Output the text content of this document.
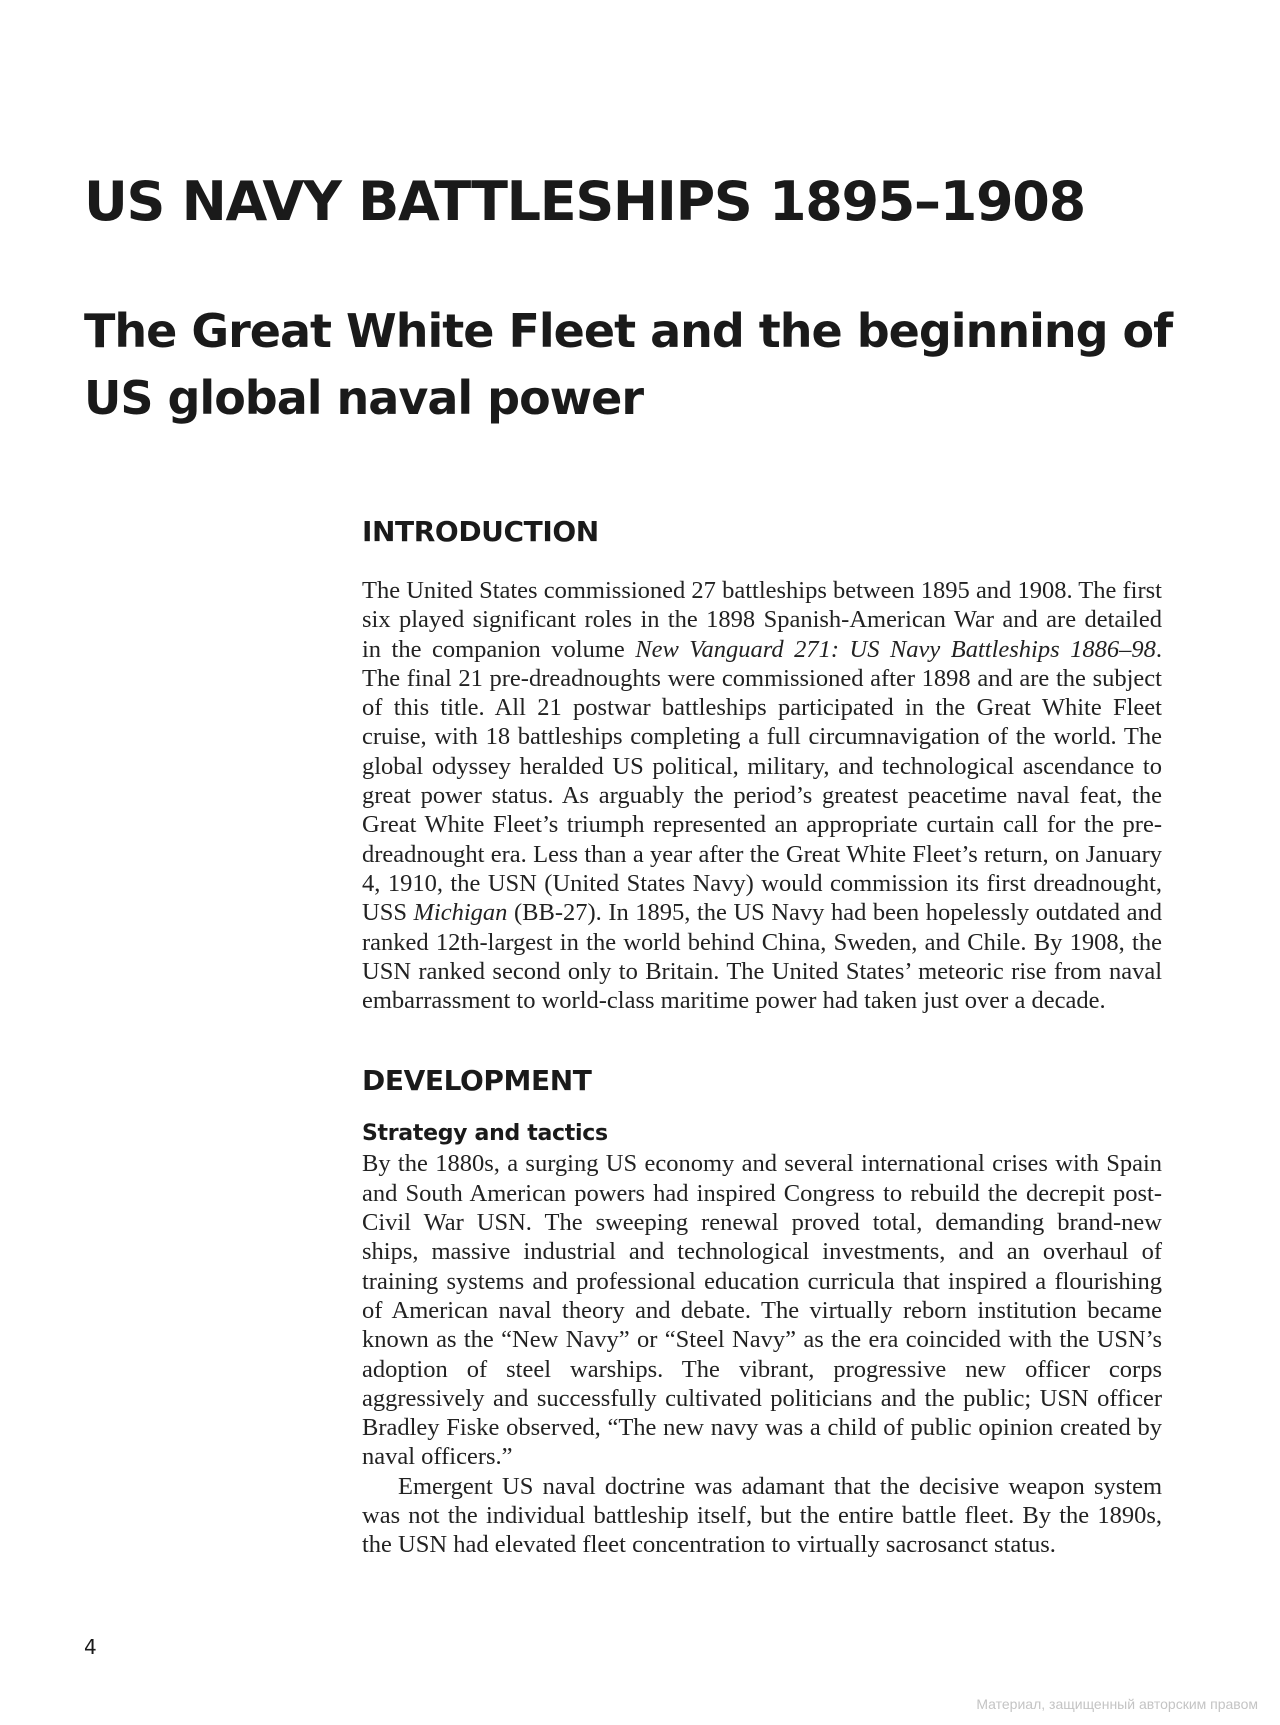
US NAVY BATTLESHIPS 1895–1908
The Great White Fleet and the beginning of
US global naval power
INTRODUCTION

The United States commissioned 27 battleships between 1895 and 1908. The first six played significant roles in the 1898 Spanish-American War and are detailed in the companion volume New Vanguard 271: US Navy Battleships 1886–98. The final 21 pre-dreadnoughts were commissioned after 1898 and are the subject of this title. All 21 postwar battleships participated in the Great White Fleet cruise, with 18 battleships completing a full circumnavigation of the world. The global odyssey heralded US political, military, and technological ascendance to great power status. As arguably the period’s greatest peacetime naval feat, the Great White Fleet’s triumph represented an appropriate curtain call for the pre-dreadnought era. Less than a year after the Great White Fleet’s return, on January 4, 1910, the USN (United States Navy) would commission its first dreadnought, USS Michigan (BB-27). In 1895, the US Navy had been hopelessly outdated and ranked 12th-largest in the world behind China, Sweden, and Chile. By 1908, the USN ranked second only to Britain. The United States’ meteoric rise from naval embarrassment to world-class maritime power had taken just over a decade.

DEVELOPMENT
Strategy and tactics

By the 1880s, a surging US economy and several international crises with Spain and South American powers had inspired Congress to rebuild the decrepit post-Civil War USN. The sweeping renewal proved total, demanding brand-new ships, massive industrial and technological investments, and an overhaul of training systems and professional education curricula that inspired a flourishing of American naval theory and debate. The virtually reborn institution became known as the “New Navy” or “Steel Navy” as the era coincided with the USN’s adoption of steel warships. The vibrant, progressive new officer corps aggressively and successfully cultivated politicians and the public; USN officer Bradley Fiske observed, “The new navy was a child of public opinion created by naval officers.”

Emergent US naval doctrine was adamant that the decisive weapon system was not the individual battleship itself, but the entire battle fleet. By the 1890s, the USN had elevated fleet concentration to virtually sacrosanct status.

4

Материал, защищенный авторским правом
